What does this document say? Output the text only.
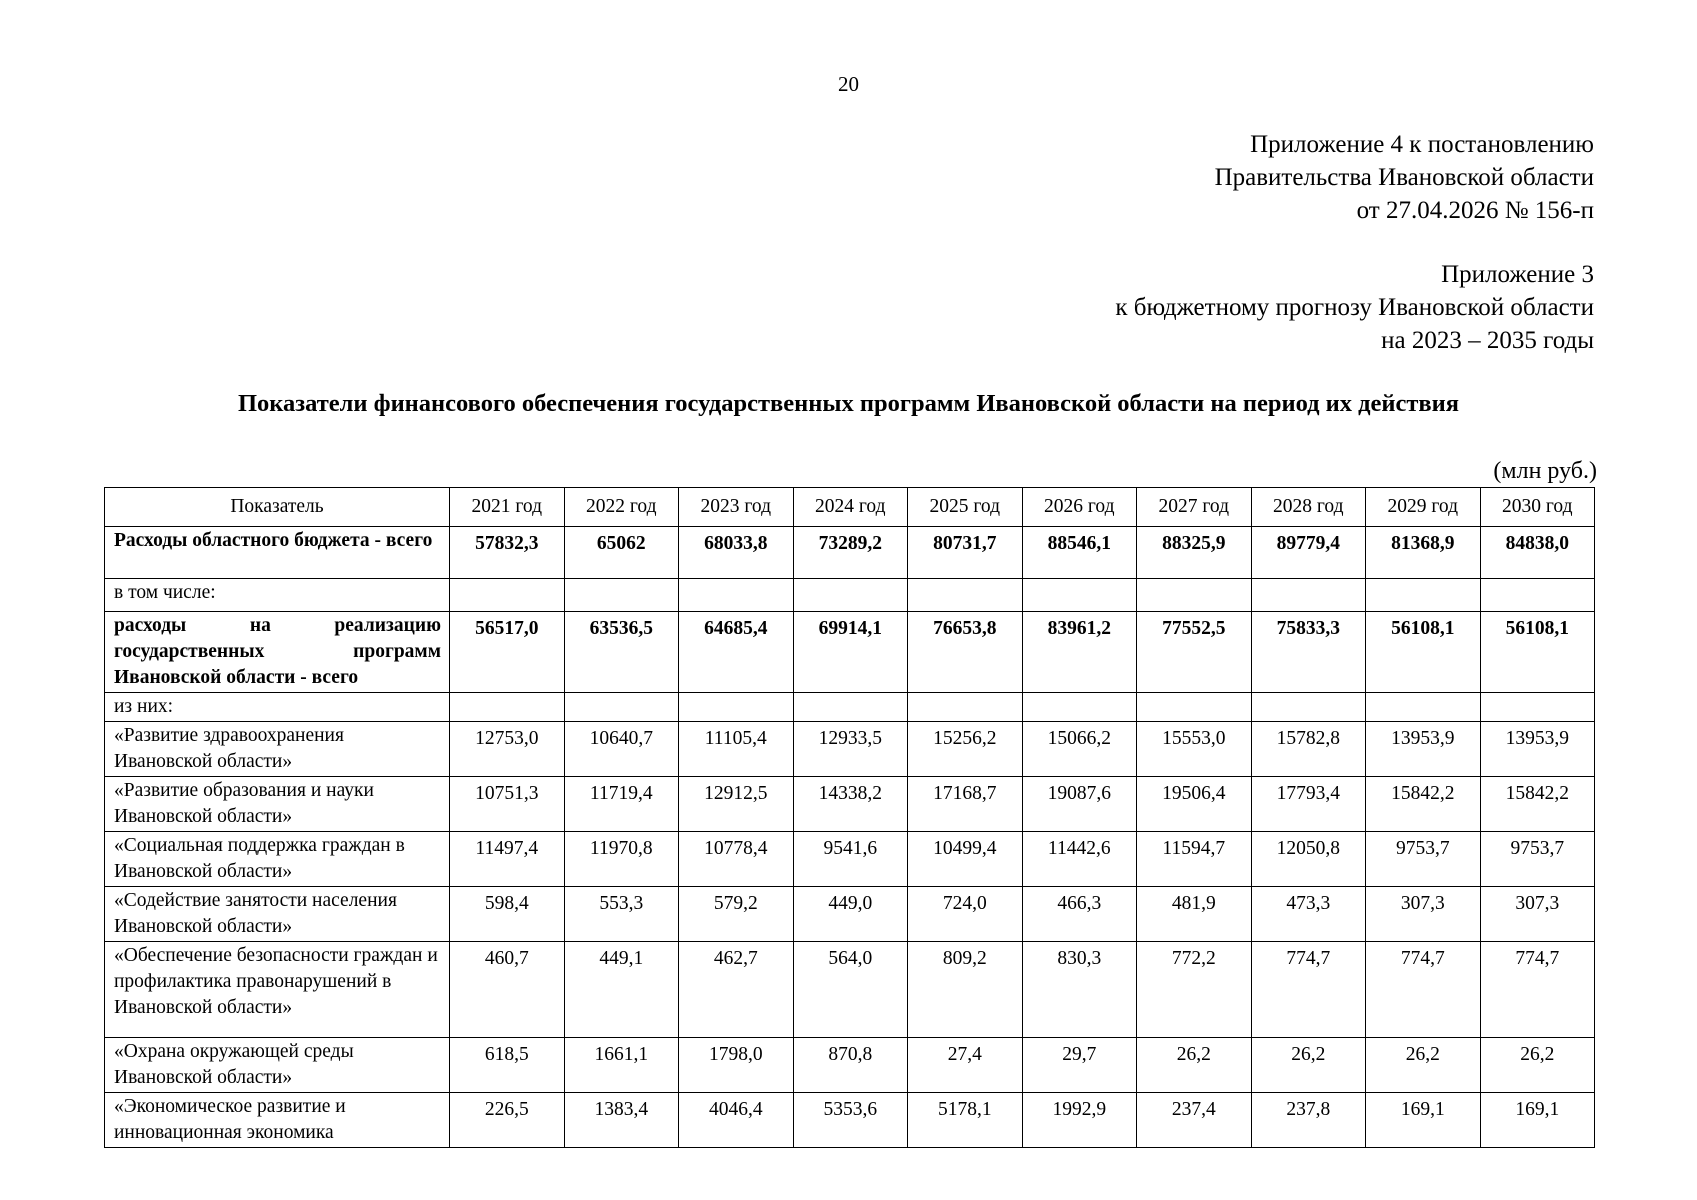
20
Приложение 4 к постановлению
Правительства Ивановской области
от 27.04.2026 № 156-п
Приложение 3
к бюджетному прогнозу Ивановской области
на 2023 – 2035 годы
Показатели финансового обеспечения государственных программ Ивановской области на период их действия
(млн руб.)
Показатель	2021 год	2022 год	2023 год	2024 год	2025 год	2026 год	2027 год	2028 год	2029 год	2030 год
Расходы областного бюджета - всего	57832,3	65062	68033,8	73289,2	80731,7	88546,1	88325,9	89779,4	81368,9	84838,0
в том числе:										
расходы на реализацию государственных программ Ивановской области - всего	56517,0	63536,5	64685,4	69914,1	76653,8	83961,2	77552,5	75833,3	56108,1	56108,1
из них:										
«Развитие здравоохранения Ивановской области»	12753,0	10640,7	11105,4	12933,5	15256,2	15066,2	15553,0	15782,8	13953,9	13953,9
«Развитие образования и науки Ивановской области»	10751,3	11719,4	12912,5	14338,2	17168,7	19087,6	19506,4	17793,4	15842,2	15842,2
«Социальная поддержка граждан в Ивановской области»	11497,4	11970,8	10778,4	9541,6	10499,4	11442,6	11594,7	12050,8	9753,7	9753,7
«Содействие занятости населения Ивановской области»	598,4	553,3	579,2	449,0	724,0	466,3	481,9	473,3	307,3	307,3
«Обеспечение безопасности граждан и профилактика правонарушений в Ивановской области»	460,7	449,1	462,7	564,0	809,2	830,3	772,2	774,7	774,7	774,7
«Охрана окружающей среды Ивановской области»	618,5	1661,1	1798,0	870,8	27,4	29,7	26,2	26,2	26,2	26,2
«Экономическое развитие и инновационная экономика	226,5	1383,4	4046,4	5353,6	5178,1	1992,9	237,4	237,8	169,1	169,1
